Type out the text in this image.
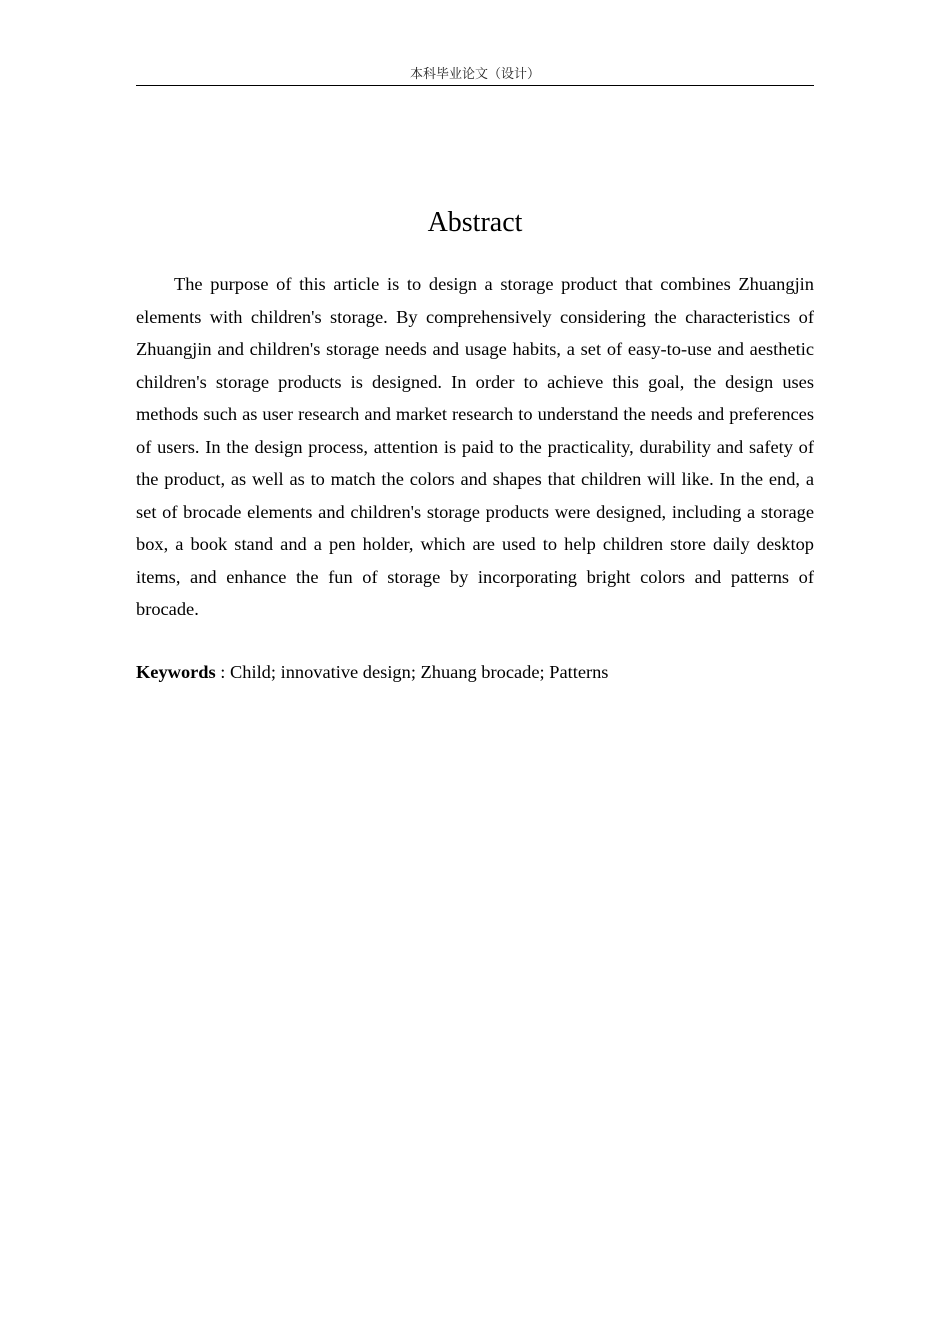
本科毕业论文（设计）
Abstract

The purpose of this article is to design a storage product that combines Zhuangjin elements with children's storage. By comprehensively considering the characteristics of Zhuangjin and children's storage needs and usage habits, a set of easy-to-use and aesthetic children's storage products is designed. In order to achieve this goal, the design uses methods such as user research and market research to understand the needs and preferences of users. In the design process, attention is paid to the practicality, durability and safety of the product, as well as to match the colors and shapes that children will like. In the end, a set of brocade elements and children's storage products were designed, including a storage box, a book stand and a pen holder, which are used to help children store daily desktop items, and enhance the fun of storage by incorporating bright colors and patterns of brocade.

Keywords : Child; innovative design; Zhuang brocade; Patterns
